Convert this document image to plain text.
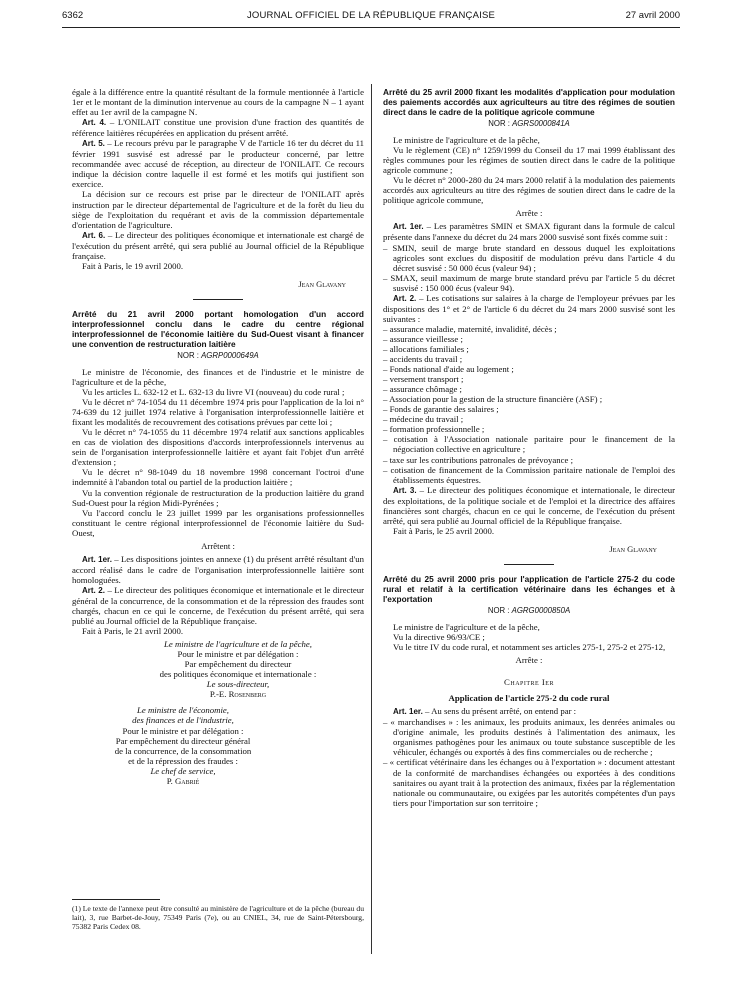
6362	JOURNAL OFFICIEL DE LA RÉPUBLIQUE FRANÇAISE	27 avril 2000

égale à la différence entre la quantité résultant de la formule mentionnée à l'article 1er et le montant de la diminution intervenue au cours de la campagne N – 1 ayant effet au 1er avril de la campagne N.

Art. 4. – L'ONILAIT constitue une provision d'une fraction des quantités de référence laitières récupérées en application du présent arrêté.

Art. 5. – Le recours prévu par le paragraphe V de l'article 16 ter du décret du 11 février 1991 susvisé est adressé par le producteur concerné, par lettre recommandée avec accusé de réception, au directeur de l'ONILAIT. Ce recours indique la décision contre laquelle il est formé et les motifs qui justifient son exercice.

La décision sur ce recours est prise par le directeur de l'ONILAIT après instruction par le directeur départemental de l'agriculture et de la forêt du lieu du siège de l'exploitation du requérant et avis de la commission départementale d'orientation de l'agriculture.

Art. 6. – Le directeur des politiques économique et internationale est chargé de l'exécution du présent arrêté, qui sera publié au Journal officiel de la République française.

Fait à Paris, le 19 avril 2000.

Jean Glavany
Arrêté du 21 avril 2000 portant homologation d'un accord interprofessionnel conclu dans le cadre du centre régional interprofessionnel de l'économie laitière du Sud-Ouest visant à financer une convention de restructuration laitière
NOR : AGRP0000649A

Le ministre de l'économie, des finances et de l'industrie et le ministre de l'agriculture et de la pêche,

Vu les articles L. 632-12 et L. 632-13 du livre VI (nouveau) du code rural ;

Vu le décret n° 74-1054 du 11 décembre 1974 pris pour l'application de la loi n° 74-639 du 12 juillet 1974 relative à l'organisation interprofessionnelle laitière et fixant les modalités de recouvrement des cotisations prévues par cette loi ;

Vu le décret n° 74-1055 du 11 décembre 1974 relatif aux sanctions applicables en cas de violation des dispositions d'accords interprofessionnels intervenus au sein de l'organisation interprofessionnelle laitière et ayant fait l'objet d'un arrêté d'extension ;

Vu le décret n° 98-1049 du 18 novembre 1998 concernant l'octroi d'une indemnité à l'abandon total ou partiel de la production laitière ;

Vu la convention régionale de restructuration de la production laitière du grand Sud-Ouest pour la région Midi-Pyrénées ;

Vu l'accord conclu le 23 juillet 1999 par les organisations professionnelles constituant le centre régional interprofessionnel de l'économie laitière du Sud-Ouest,

Arrêtent :

Art. 1er. – Les dispositions jointes en annexe (1) du présent arrêté résultant d'un accord réalisé dans le cadre de l'organisation interprofessionnelle laitière sont homologuées.

Art. 2. – Le directeur des politiques économique et internationale et le directeur général de la concurrence, de la consommation et de la répression des fraudes sont chargés, chacun en ce qui le concerne, de l'exécution du présent arrêté, qui sera publié au Journal officiel de la République française.

Fait à Paris, le 21 avril 2000.

Le ministre de l'agriculture et de la pêche,
Pour le ministre et par délégation :
Par empêchement du directeur
des politiques économique et internationale :
Le sous-directeur,
P.-E. Rosenberg
Le ministre de l'économie,
des finances et de l'industrie,
Pour le ministre et par délégation :
Par empêchement du directeur général
de la concurrence, de la consommation
et de la répression des fraudes :
Le chef de service,
P. Gabrié
(1) Le texte de l'annexe peut être consulté au ministère de l'agriculture et de la pêche (bureau du lait), 3, rue Barbet-de-Jouy, 75349 Paris (7e), ou au CNIEL, 34, rue de Saint-Pétersbourg, 75382 Paris Cedex 08.
Arrêté du 25 avril 2000 fixant les modalités d'application pour modulation des paiements accordés aux agriculteurs au titre des régimes de soutien direct dans le cadre de la politique agricole commune
NOR : AGRS0000841A

Le ministre de l'agriculture et de la pêche,

Vu le règlement (CE) n° 1259/1999 du Conseil du 17 mai 1999 établissant des règles communes pour les régimes de soutien direct dans le cadre de la politique agricole commune ;

Vu le décret n° 2000-280 du 24 mars 2000 relatif à la modulation des paiements accordés aux agriculteurs au titre des régimes de soutien direct dans le cadre de la politique agricole commune,

Arrête :

Art. 1er. – Les paramètres SMIN et SMAX figurant dans la formule de calcul présente dans l'annexe du décret du 24 mars 2000 susvisé sont fixés comme suit :

– SMIN, seuil de marge brute standard en dessous duquel les exploitations agricoles sont exclues du dispositif de modulation prévu dans l'article 4 du décret susvisé : 50 000 écus (valeur 94) ;

– SMAX, seuil maximum de marge brute standard prévu par l'article 5 du décret susvisé : 150 000 écus (valeur 94).

Art. 2. – Les cotisations sur salaires à la charge de l'employeur prévues par les dispositions des 1° et 2° de l'article 6 du décret du 24 mars 2000 susvisé sont les suivantes :

– assurance maladie, maternité, invalidité, décès ;

– assurance vieillesse ;

– allocations familiales ;

– accidents du travail ;

– Fonds national d'aide au logement ;

– versement transport ;

– assurance chômage ;

– Association pour la gestion de la structure financière (ASF) ;

– Fonds de garantie des salaires ;

– médecine du travail ;

– formation professionnelle ;

– cotisation à l'Association nationale paritaire pour le financement de la négociation collective en agriculture ;

– taxe sur les contributions patronales de prévoyance ;

– cotisation de financement de la Commission paritaire nationale de l'emploi des établissements équestres.

Art. 3. – Le directeur des politiques économique et internationale, le directeur des exploitations, de la politique sociale et de l'emploi et la directrice des affaires financières sont chargés, chacun en ce qui le concerne, de l'exécution du présent arrêté, qui sera publié au Journal officiel de la République française.

Fait à Paris, le 25 avril 2000.

Jean Glavany
Arrêté du 25 avril 2000 pris pour l'application de l'article 275-2 du code rural et relatif à la certification vétérinaire dans les échanges et à l'exportation
NOR : AGRG0000850A

Le ministre de l'agriculture et de la pêche,

Vu la directive 96/93/CE ;

Vu le titre IV du code rural, et notamment ses articles 275-1, 275-2 et 275-12,

Arrête :
Chapitre Ier
Application de l'article 275-2 du code rural

Art. 1er. – Au sens du présent arrêté, on entend par :

– « marchandises » : les animaux, les produits animaux, les denrées animales ou d'origine animale, les produits destinés à l'alimentation des animaux, les organismes pathogènes pour les animaux ou toute substance susceptible de les véhiculer, échangés ou exportés à des fins commerciales ou de recherche ;

– « certificat vétérinaire dans les échanges ou à l'exportation » : document attestant de la conformité de marchandises échangées ou exportées à des conditions sanitaires ou ayant trait à la protection des animaux, fixées par la réglementation nationale ou communautaire, ou exigées par les autorités compétentes d'un pays tiers pour l'importation sur son territoire ;
